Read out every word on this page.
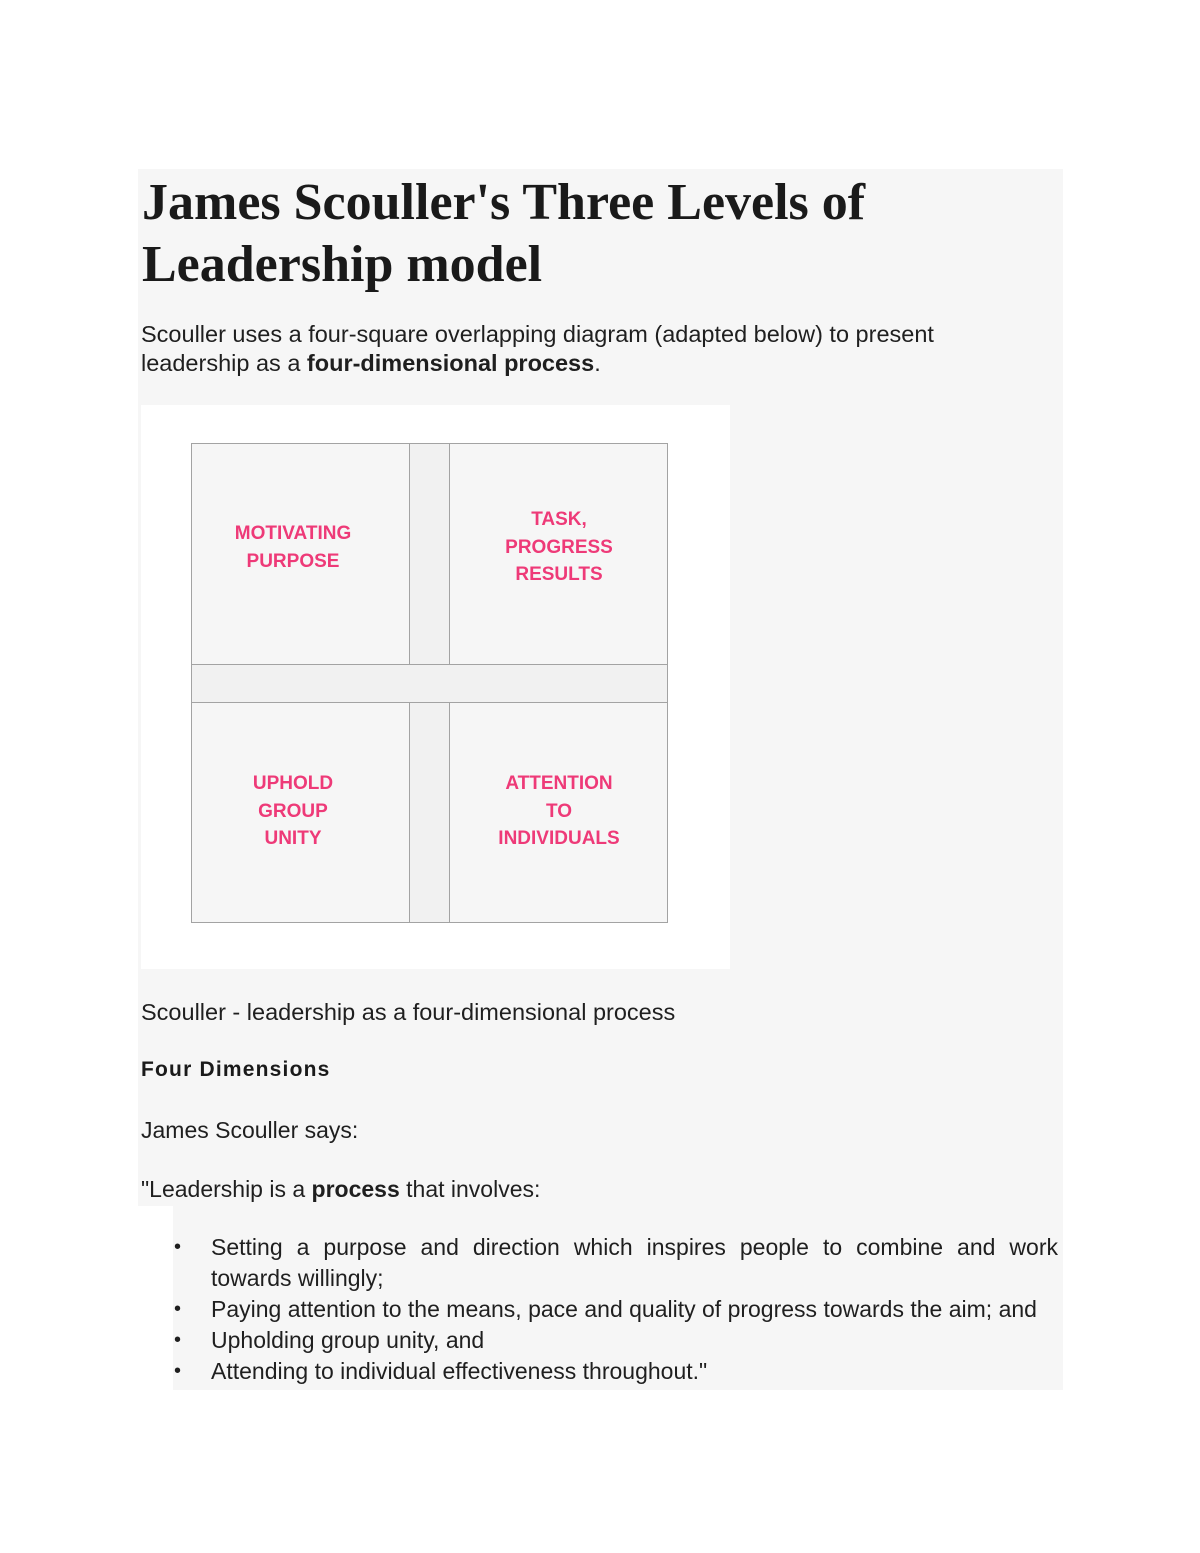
James Scouller's Three Levels of Leadership model

Scouller uses a four-square overlapping diagram (adapted below) to present leadership as a four-dimensional process.

MOTIVATING
PURPOSE
TASK,
PROGRESS
RESULTS
UPHOLD
GROUP
UNITY
ATTENTION
TO
INDIVIDUALS

Scouller - leadership as a four-dimensional process

Four Dimensions

James Scouller says:

"Leadership is a process that involves:

• Setting a purpose and direction which inspires people to combine and work towards willingly;
• Paying attention to the means, pace and quality of progress towards the aim; and
• Upholding group unity, and
• Attending to individual effectiveness throughout."
